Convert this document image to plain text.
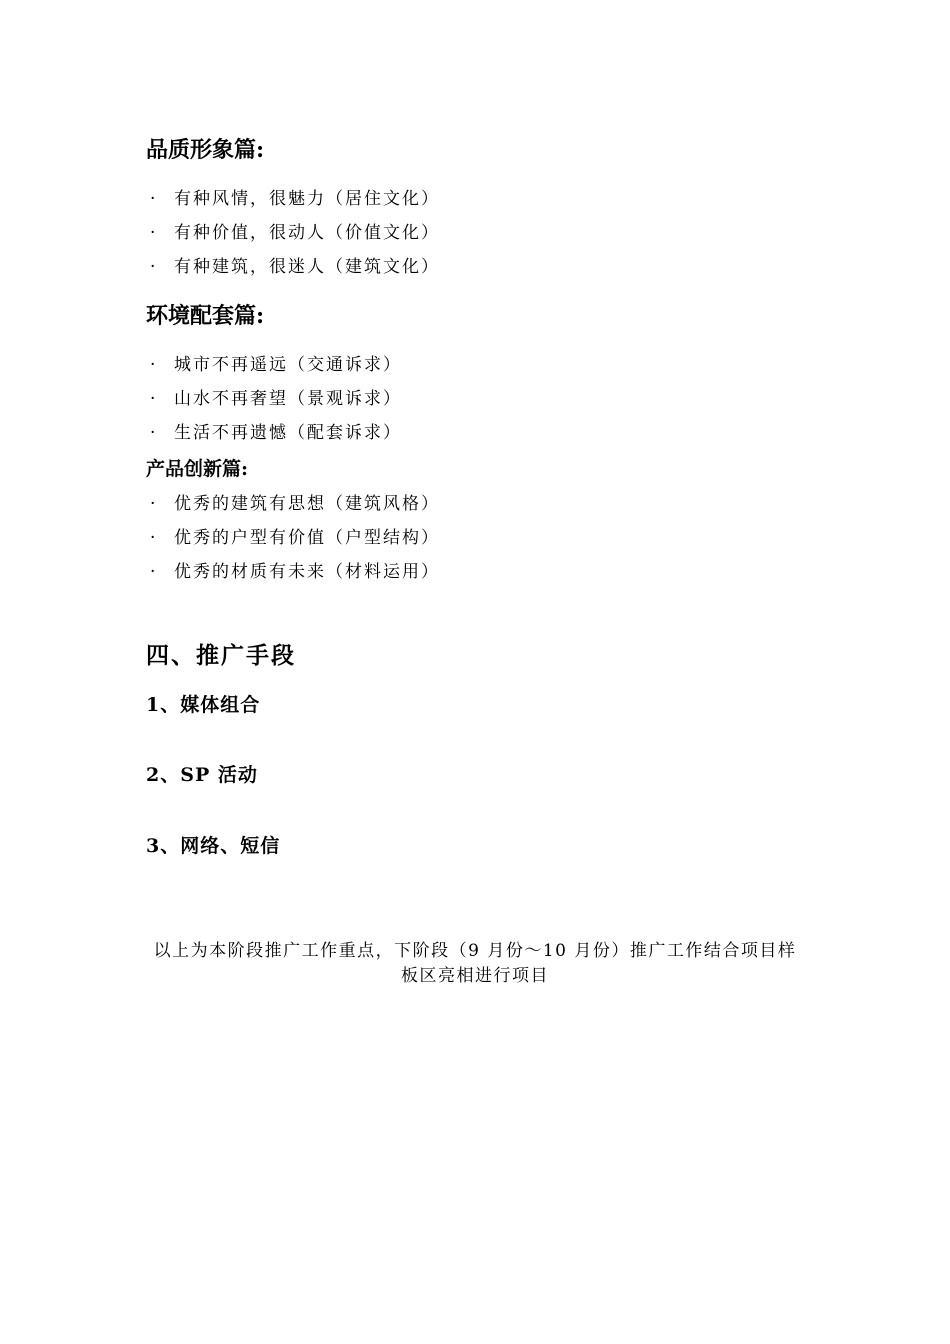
品质形象篇:
· 有种风情，很魅力（居住文化）
· 有种价值，很动人（价值文化）
· 有种建筑，很迷人（建筑文化）
环境配套篇:
· 城市不再遥远（交通诉求）
· 山水不再奢望（景观诉求）
· 生活不再遗憾（配套诉求）
产品创新篇:
· 优秀的建筑有思想（建筑风格）
· 优秀的户型有价值（户型结构）
· 优秀的材质有未来（材料运用）
四、推广手段
1、媒体组合
2、SP 活动
3、网络、短信
以上为本阶段推广工作重点，下阶段（9 月份～10 月份）推广工作结合项目样
板区亮相进行项目
